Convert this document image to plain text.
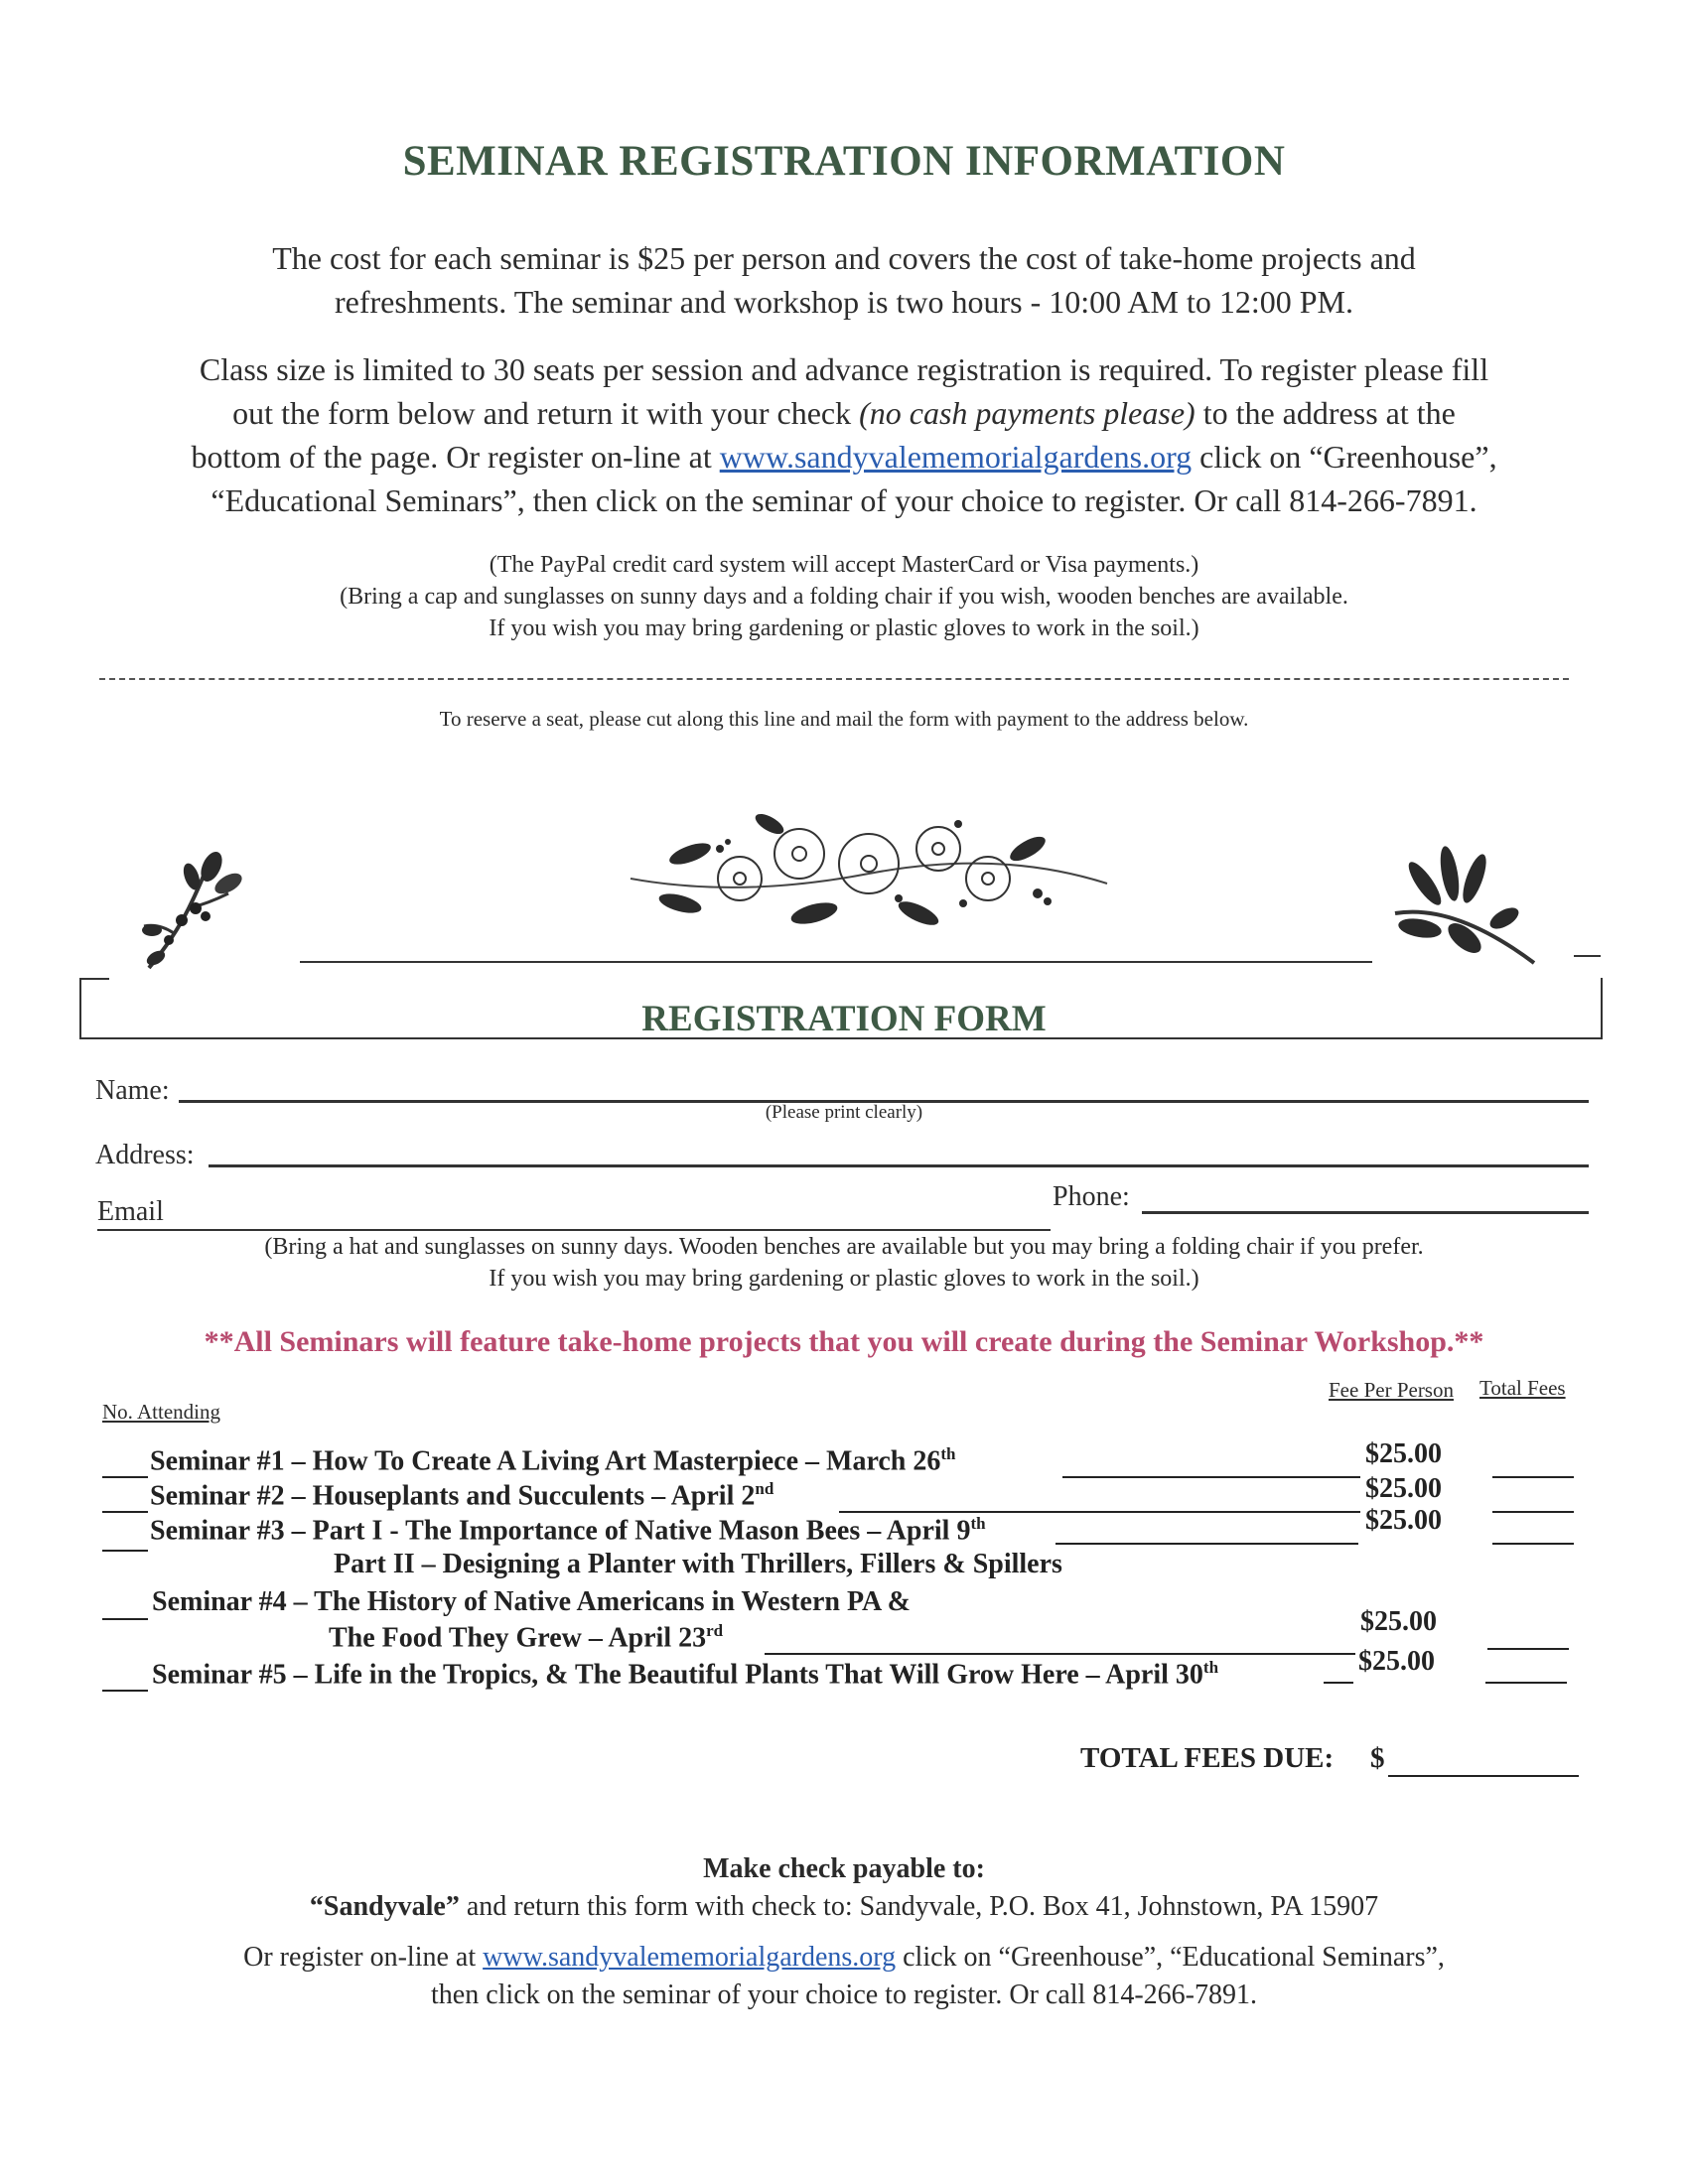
SEMINAR REGISTRATION INFORMATION
The cost for each seminar is $25 per person and covers the cost of take-home projects and
refreshments. The seminar and workshop is two hours - 10:00 AM to 12:00 PM.
Class size is limited to 30 seats per session and advance registration is required. To register please fill
out the form below and return it with your check (no cash payments please) to the address at the
bottom of the page. Or register on-line at www.sandyvalememorialgardens.org click on “Greenhouse”,
“Educational Seminars”, then click on the seminar of your choice to register. Or call 814-266-7891.
(The PayPal credit card system will accept MasterCard or Visa payments.)
(Bring a cap and sunglasses on sunny days and a folding chair if you wish, wooden benches are available.
If you wish you may bring gardening or plastic gloves to work in the soil.)
To reserve a seat, please cut along this line and mail the form with payment to the address below.
REGISTRATION FORM
Name:
(Please print clearly)
Address:
Email	Phone:
(Bring a hat and sunglasses on sunny days. Wooden benches are available but you may bring a folding chair if you prefer.
If you wish you may bring gardening or plastic gloves to work in the soil.)
**All Seminars will feature take-home projects that you will create during the Seminar Workshop.**
No. Attending
Fee Per Person Total Fees
Seminar #1 – How To Create A Living Art Masterpiece – March 26th	$25.00
Seminar #2 – Houseplants and Succulents – April 2nd	$25.00
Seminar #3 – Part I - The Importance of Native Mason Bees – April 9th	$25.00
Part II – Designing a Planter with Thrillers, Fillers & Spillers
Seminar #4 – The History of Native Americans in Western PA &
The Food They Grew – April 23rd	$25.00
Seminar #5 – Life in the Tropics, & The Beautiful Plants That Will Grow Here – April 30th	$25.00
TOTAL FEES DUE: $
Make check payable to:
“Sandyvale” and return this form with check to: Sandyvale, P.O. Box 41, Johnstown, PA 15907
Or register on-line at www.sandyvalememorialgardens.org click on “Greenhouse”, “Educational Seminars”,
then click on the seminar of your choice to register. Or call 814-266-7891.
